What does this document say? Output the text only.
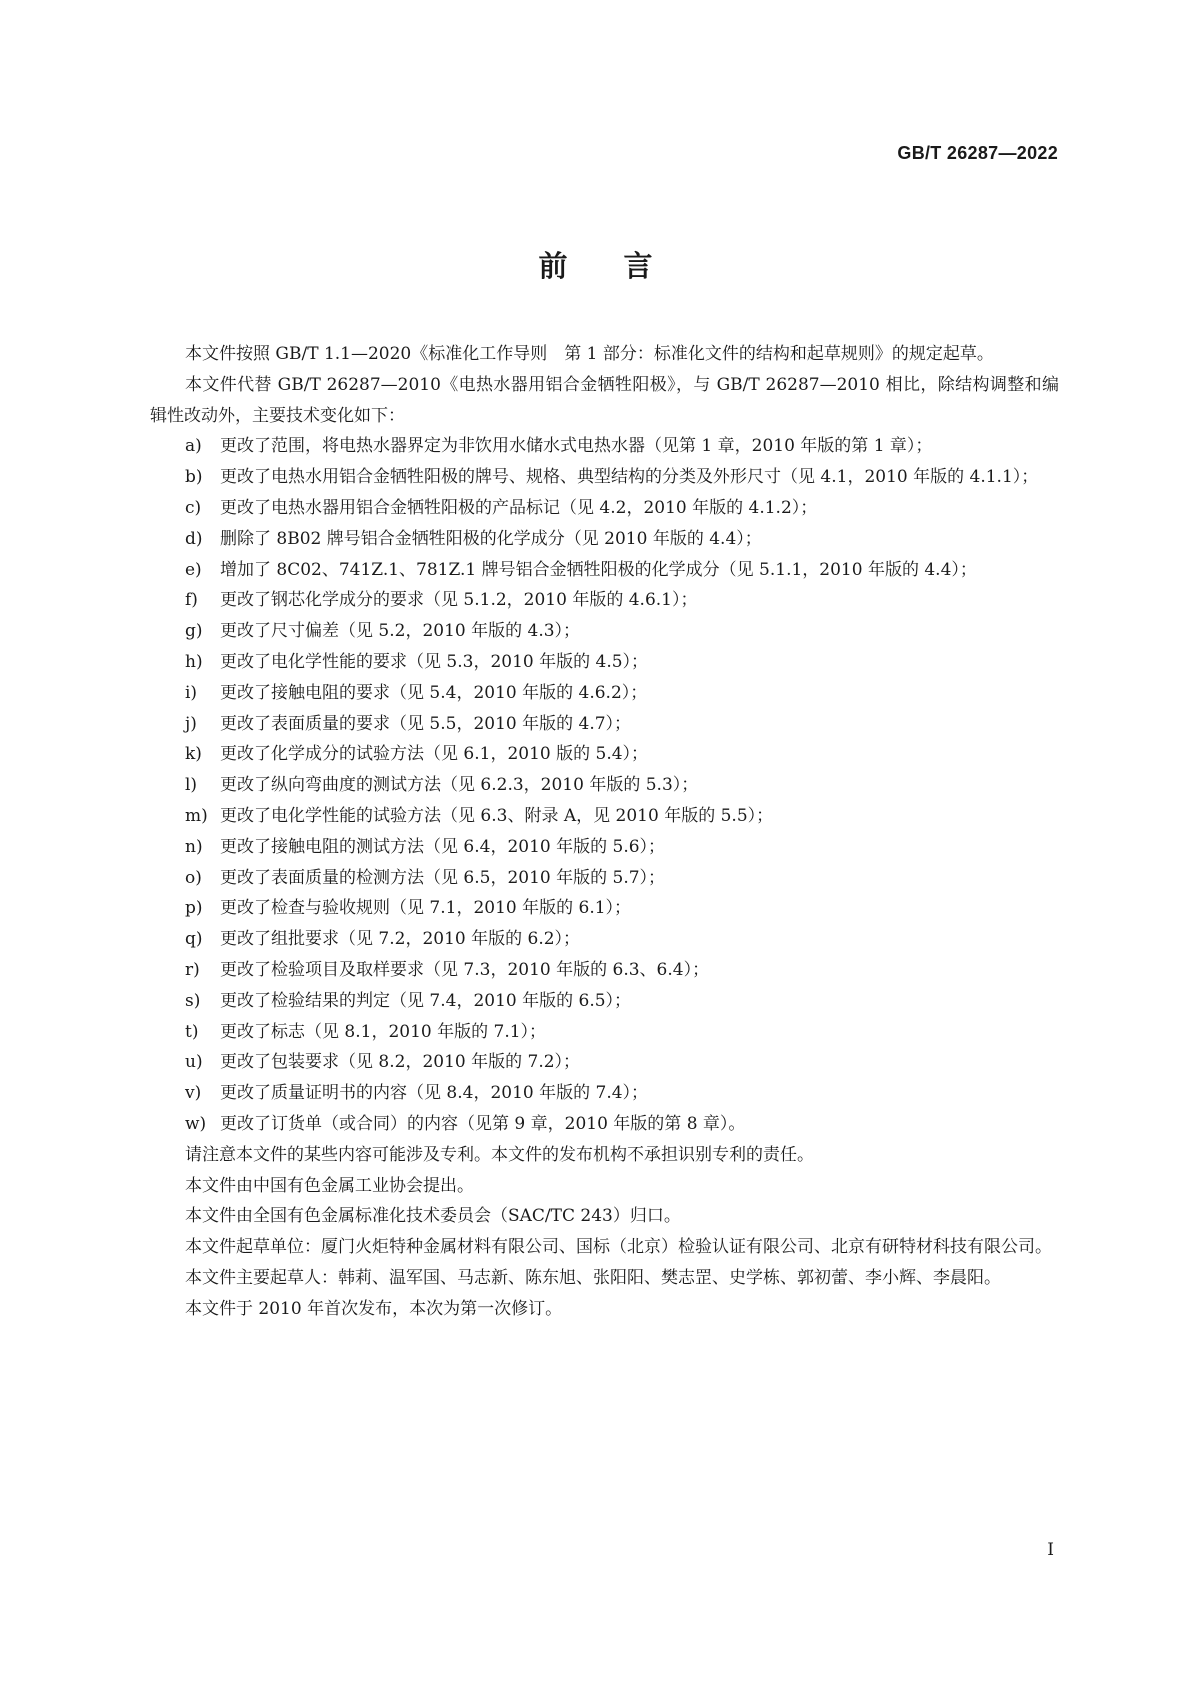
GB/T 26287—2022
前言

本文件按照 GB/T 1.1—2020《标准化工作导则　第 1 部分：标准化文件的结构和起草规则》的规定起草。

本文件代替 GB/T 26287—2010《电热水器用铝合金牺牲阳极》，与 GB/T 26287—2010 相比，除结构调整和编辑性改动外，主要技术变化如下：

a) 更改了范围，将电热水器界定为非饮用水储水式电热水器（见第 1 章，2010 年版的第 1 章）；

b) 更改了电热水用铝合金牺牲阳极的牌号、规格、典型结构的分类及外形尺寸（见 4.1，2010 年版的 4.1.1）；

c) 更改了电热水器用铝合金牺牲阳极的产品标记（见 4.2，2010 年版的 4.1.2）；

d) 删除了 8B02 牌号铝合金牺牲阳极的化学成分（见 2010 年版的 4.4）；

e) 增加了 8C02、741Z.1、781Z.1 牌号铝合金牺牲阳极的化学成分（见 5.1.1，2010 年版的 4.4）；

f) 更改了钢芯化学成分的要求（见 5.1.2，2010 年版的 4.6.1）；

g) 更改了尺寸偏差（见 5.2，2010 年版的 4.3）；

h) 更改了电化学性能的要求（见 5.3，2010 年版的 4.5）；

i) 更改了接触电阻的要求（见 5.4，2010 年版的 4.6.2）；

j) 更改了表面质量的要求（见 5.5，2010 年版的 4.7）；

k) 更改了化学成分的试验方法（见 6.1，2010 版的 5.4）；

l) 更改了纵向弯曲度的测试方法（见 6.2.3，2010 年版的 5.3）；

m) 更改了电化学性能的试验方法（见 6.3、附录 A，见 2010 年版的 5.5）；

n) 更改了接触电阻的测试方法（见 6.4，2010 年版的 5.6）；

o) 更改了表面质量的检测方法（见 6.5，2010 年版的 5.7）；

p) 更改了检查与验收规则（见 7.1，2010 年版的 6.1）；

q) 更改了组批要求（见 7.2，2010 年版的 6.2）；

r) 更改了检验项目及取样要求（见 7.3，2010 年版的 6.3、6.4）；

s) 更改了检验结果的判定（见 7.4，2010 年版的 6.5）；

t) 更改了标志（见 8.1，2010 年版的 7.1）；

u) 更改了包装要求（见 8.2，2010 年版的 7.2）；

v) 更改了质量证明书的内容（见 8.4，2010 年版的 7.4）；

w) 更改了订货单（或合同）的内容（见第 9 章，2010 年版的第 8 章）。

请注意本文件的某些内容可能涉及专利。本文件的发布机构不承担识别专利的责任。

本文件由中国有色金属工业协会提出。

本文件由全国有色金属标准化技术委员会（SAC/TC 243）归口。

本文件起草单位：厦门火炬特种金属材料有限公司、国标（北京）检验认证有限公司、北京有研特材科技有限公司。

本文件主要起草人：韩莉、温军国、马志新、陈东旭、张阳阳、樊志罡、史学栋、郭初蕾、李小辉、李晨阳。

本文件于 2010 年首次发布，本次为第一次修订。

I
